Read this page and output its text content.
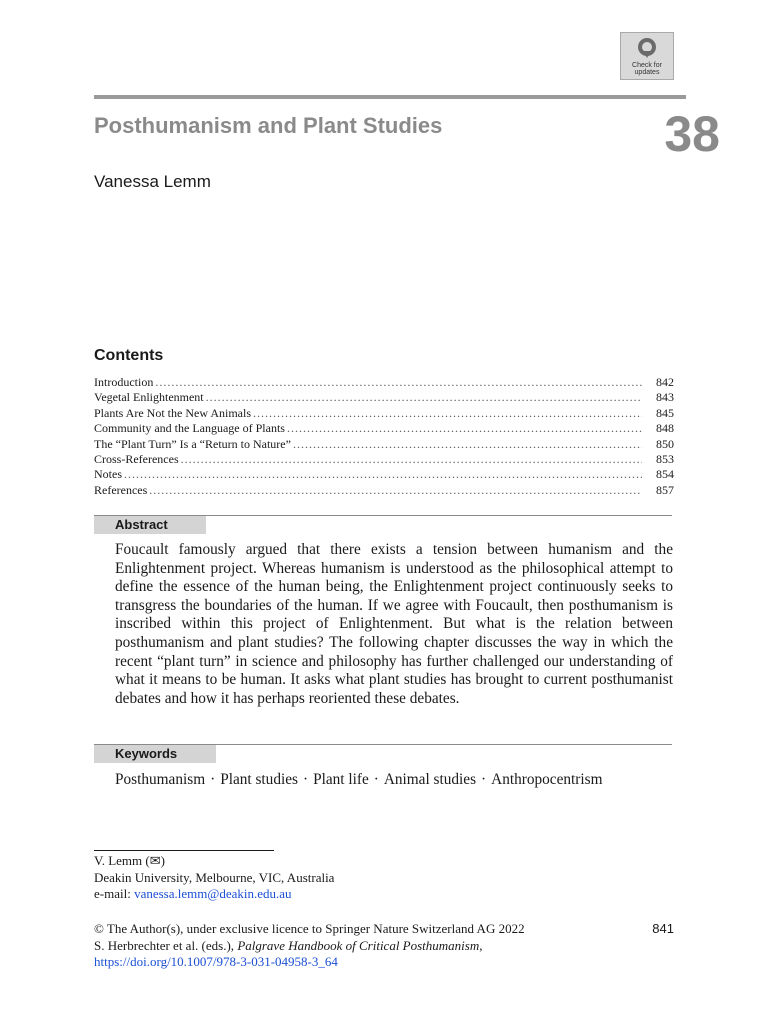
Check for updates
Posthumanism and Plant Studies	38
Vanessa Lemm
Contents
Introduction . . .	842
Vegetal Enlightenment . . .	843
Plants Are Not the New Animals . . .	845
Community and the Language of Plants . . .	848
The “Plant Turn” Is a “Return to Nature” . . .	850
Cross-References . . .	853
Notes . . .	854
References . . .	857
Abstract

Foucault famously argued that there exists a tension between humanism and the Enlightenment project. Whereas humanism is understood as the philosophical attempt to define the essence of the human being, the Enlightenment project continuously seeks to transgress the boundaries of the human. If we agree with Foucault, then posthumanism is inscribed within this project of Enlightenment. But what is the relation between posthumanism and plant studies? The following chapter discusses the way in which the recent “plant turn” in science and philosophy has further challenged our understanding of what it means to be human. It asks what plant studies has brought to current posthumanist debates and how it has perhaps reoriented these debates.

Keywords

Posthumanism · Plant studies · Plant life · Animal studies · Anthropocentrism

V. Lemm (✉)
Deakin University, Melbourne, VIC, Australia
e-mail: vanessa.lemm@deakin.edu.au
© The Author(s), under exclusive licence to Springer Nature Switzerland AG 2022	841
S. Herbrechter et al. (eds.), Palgrave Handbook of Critical Posthumanism,
https://doi.org/10.1007/978-3-031-04958-3_64
